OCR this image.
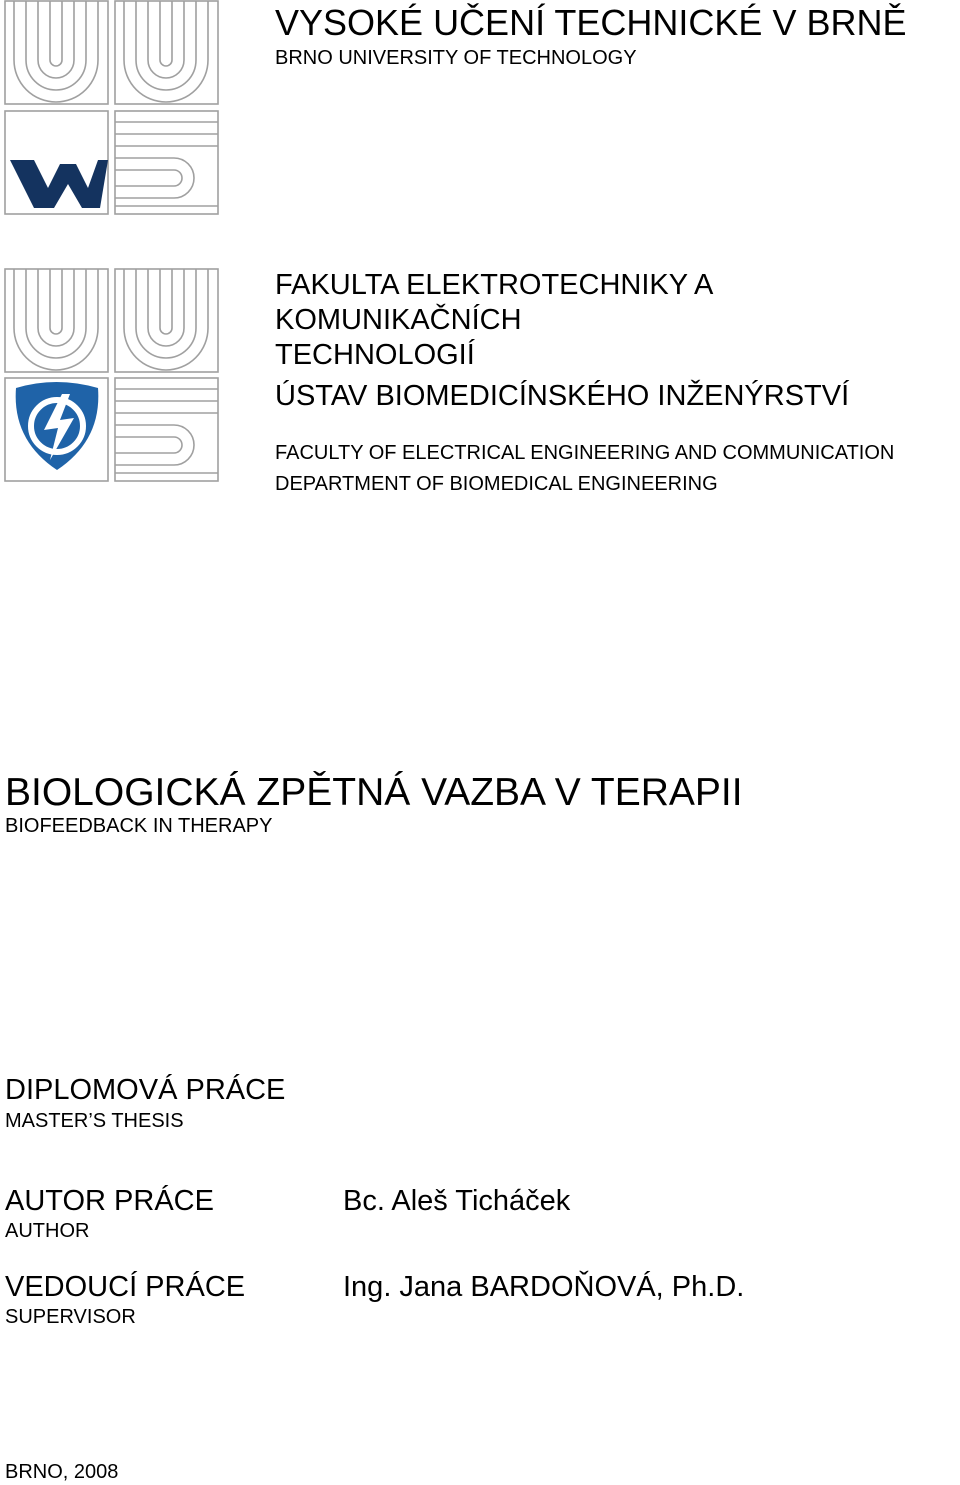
VYSOKÉ UČENÍ TECHNICKÉ V BRNĚ
BRNO UNIVERSITY OF TECHNOLOGY
FAKULTA ELEKTROTECHNIKY A
KOMUNIKAČNÍCH
TECHNOLOGIÍ
ÚSTAV BIOMEDICÍNSKÉHO INŽENÝRSTVÍ
FACULTY OF ELECTRICAL ENGINEERING AND COMMUNICATION
DEPARTMENT OF BIOMEDICAL ENGINEERING
BIOLOGICKÁ ZPĚTNÁ VAZBA V TERAPII
BIOFEEDBACK IN THERAPY
DIPLOMOVÁ PRÁCE
MASTER’S THESIS
AUTOR PRÁCE
AUTHOR
Bc. Aleš Ticháček
VEDOUCÍ PRÁCE
SUPERVISOR
Ing. Jana BARDOŇOVÁ, Ph.D.
BRNO, 2008
